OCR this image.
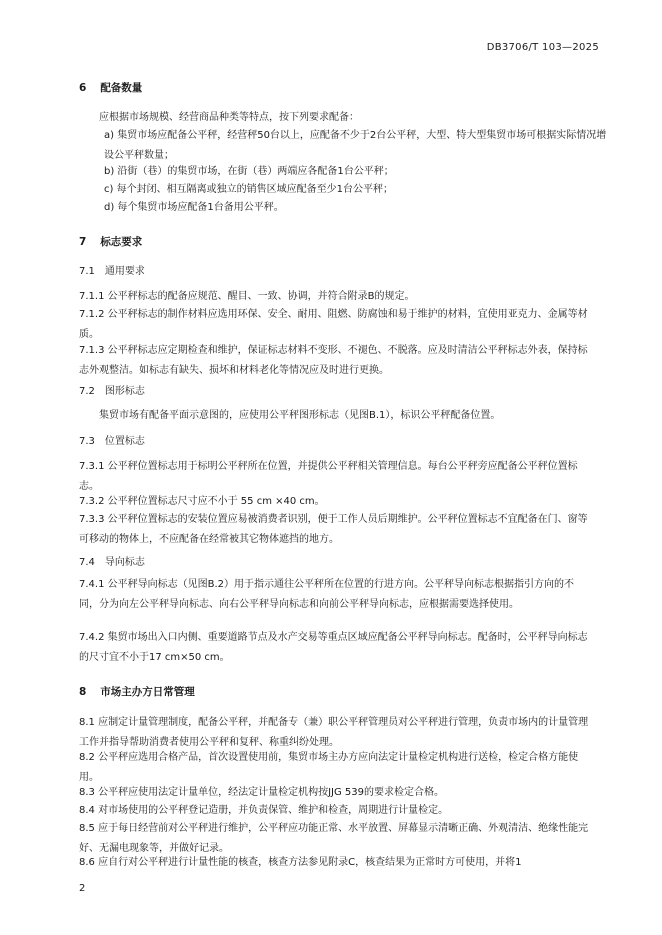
DB3706/T 103—2025
6 配备数量
应根据市场规模、经营商品种类等特点，按下列要求配备：
a) 集贸市场应配备公平秤，经营秤50台以上，应配备不少于2台公平秤，大型、特大型集贸市场可根据实际情况增设公平秤数量；
b) 沿街（巷）的集贸市场，在街（巷）两端应各配备1台公平秤；
c) 每个封闭、相互隔离或独立的销售区域应配备至少1台公平秤；
d) 每个集贸市场应配备1台备用公平秤。
7 标志要求
7.1 通用要求
7.1.1 公平秤标志的配备应规范、醒目、一致、协调，并符合附录B的规定。
7.1.2 公平秤标志的制作材料应选用环保、安全、耐用、阻燃、防腐蚀和易于维护的材料，宜使用亚克力、金属等材质。
7.1.3 公平秤标志应定期检查和维护，保证标志材料不变形、不褪色、不脱落。应及时清洁公平秤标志外表，保持标志外观整洁。如标志有缺失、损坏和材料老化等情况应及时进行更换。
7.2 图形标志
集贸市场有配备平面示意图的，应使用公平秤图形标志（见图B.1），标识公平秤配备位置。
7.3 位置标志
7.3.1 公平秤位置标志用于标明公平秤所在位置，并提供公平秤相关管理信息。每台公平秤旁应配备公平秤位置标志。
7.3.2 公平秤位置标志尺寸应不小于 55 cm ×40 cm。
7.3.3 公平秤位置标志的安装位置应易被消费者识别，便于工作人员后期维护。公平秤位置标志不宜配备在门、窗等可移动的物体上，不应配备在经常被其它物体遮挡的地方。
7.4 导向标志
7.4.1 公平秤导向标志（见图B.2）用于指示通往公平秤所在位置的行进方向。公平秤导向标志根据指引方向的不同，分为向左公平秤导向标志、向右公平秤导向标志和向前公平秤导向标志，应根据需要选择使用。
7.4.2 集贸市场出入口内侧、重要道路节点及水产交易等重点区域应配备公平秤导向标志。配备时，公平秤导向标志的尺寸宜不小于17 cm×50 cm。
8 市场主办方日常管理
8.1 应制定计量管理制度，配备公平秤，并配备专（兼）职公平秤管理员对公平秤进行管理，负责市场内的计量管理工作并指导帮助消费者使用公平秤和复秤、称重纠纷处理。
8.2 公平秤应选用合格产品，首次设置使用前，集贸市场主办方应向法定计量检定机构进行送检，检定合格方能使用。
8.3 公平秤应使用法定计量单位，经法定计量检定机构按JJG 539的要求检定合格。
8.4 对市场使用的公平秤登记造册，并负责保管、维护和检查，周期进行计量检定。
8.5 应于每日经营前对公平秤进行维护，公平秤应功能正常、水平放置、屏幕显示清晰正确、外观清洁、绝缘性能完好、无漏电现象等，并做好记录。
8.6 应自行对公平秤进行计量性能的核查，核查方法参见附录C，核查结果为正常时方可使用，并将1
2
